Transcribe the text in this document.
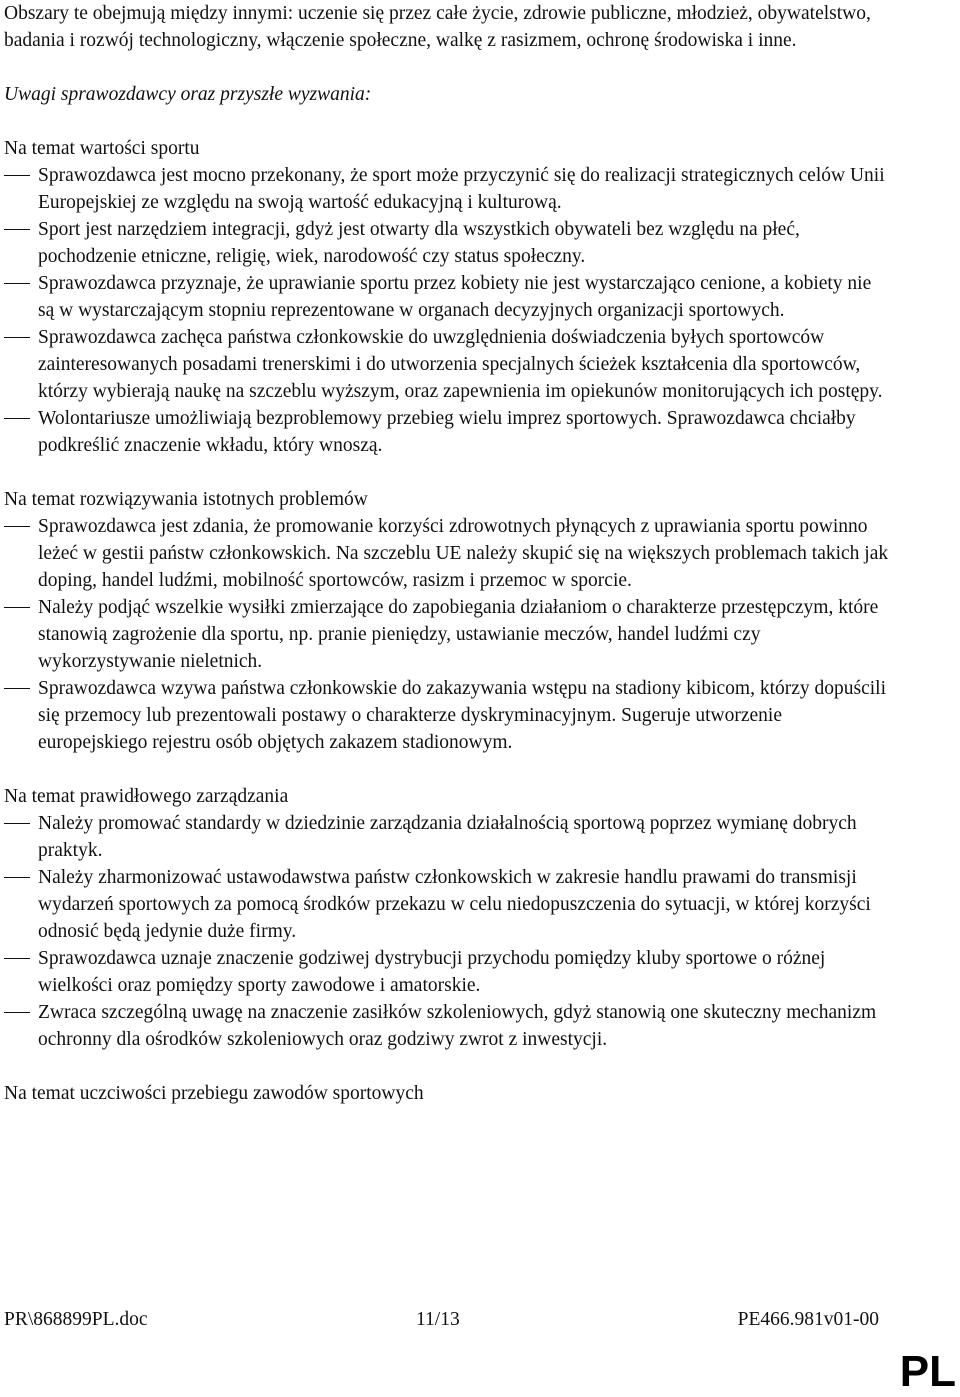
Obszary te obejmują między innymi: uczenie się przez całe życie, zdrowie publiczne, młodzież, obywatelstwo, badania i rozwój technologiczny, włączenie społeczne, walkę z rasizmem, ochronę środowiska i inne.

Uwagi sprawozdawcy oraz przyszłe wyzwania:

Na temat wartości sportu

Sprawozdawca jest mocno przekonany, że sport może przyczynić się do realizacji strategicznych celów Unii Europejskiej ze względu na swoją wartość edukacyjną i kulturową.
Sport jest narzędziem integracji, gdyż jest otwarty dla wszystkich obywateli bez względu na płeć, pochodzenie etniczne, religię, wiek, narodowość czy status społeczny.
Sprawozdawca przyznaje, że uprawianie sportu przez kobiety nie jest wystarczająco cenione, a kobiety nie są w wystarczającym stopniu reprezentowane w organach decyzyjnych organizacji sportowych.
Sprawozdawca zachęca państwa członkowskie do uwzględnienia doświadczenia byłych sportowców zainteresowanych posadami trenerskimi i do utworzenia specjalnych ścieżek kształcenia dla sportowców, którzy wybierają naukę na szczeblu wyższym, oraz zapewnienia im opiekunów monitorujących ich postępy.
Wolontariusze umożliwiają bezproblemowy przebieg wielu imprez sportowych. Sprawozdawca chciałby podkreślić znaczenie wkładu, który wnoszą.

Na temat rozwiązywania istotnych problemów

Sprawozdawca jest zdania, że promowanie korzyści zdrowotnych płynących z uprawiania sportu powinno leżeć w gestii państw członkowskich. Na szczeblu UE należy skupić się na większych problemach takich jak doping, handel ludźmi, mobilność sportowców, rasizm i przemoc w sporcie.
Należy podjąć wszelkie wysiłki zmierzające do zapobiegania działaniom o charakterze przestępczym, które stanowią zagrożenie dla sportu, np. pranie pieniędzy, ustawianie meczów, handel ludźmi czy wykorzystywanie nieletnich.
Sprawozdawca wzywa państwa członkowskie do zakazywania wstępu na stadiony kibicom, którzy dopuścili się przemocy lub prezentowali postawy o charakterze dyskryminacyjnym. Sugeruje utworzenie europejskiego rejestru osób objętych zakazem stadionowym.

Na temat prawidłowego zarządzania

Należy promować standardy w dziedzinie zarządzania działalnością sportową poprzez wymianę dobrych praktyk.
Należy zharmonizować ustawodawstwa państw członkowskich w zakresie handlu prawami do transmisji wydarzeń sportowych za pomocą środków przekazu w celu niedopuszczenia do sytuacji, w której korzyści odnosić będą jedynie duże firmy.
Sprawozdawca uznaje znaczenie godziwej dystrybucji przychodu pomiędzy kluby sportowe o różnej wielkości oraz pomiędzy sporty zawodowe i amatorskie.
Zwraca szczególną uwagę na znaczenie zasiłków szkoleniowych, gdyż stanowią one skuteczny mechanizm ochronny dla ośrodków szkoleniowych oraz godziwy zwrot z inwestycji.

Na temat uczciwości przebiegu zawodów sportowych

PR\868899PL.doc	11/13	PE466.981v01-00
PL
